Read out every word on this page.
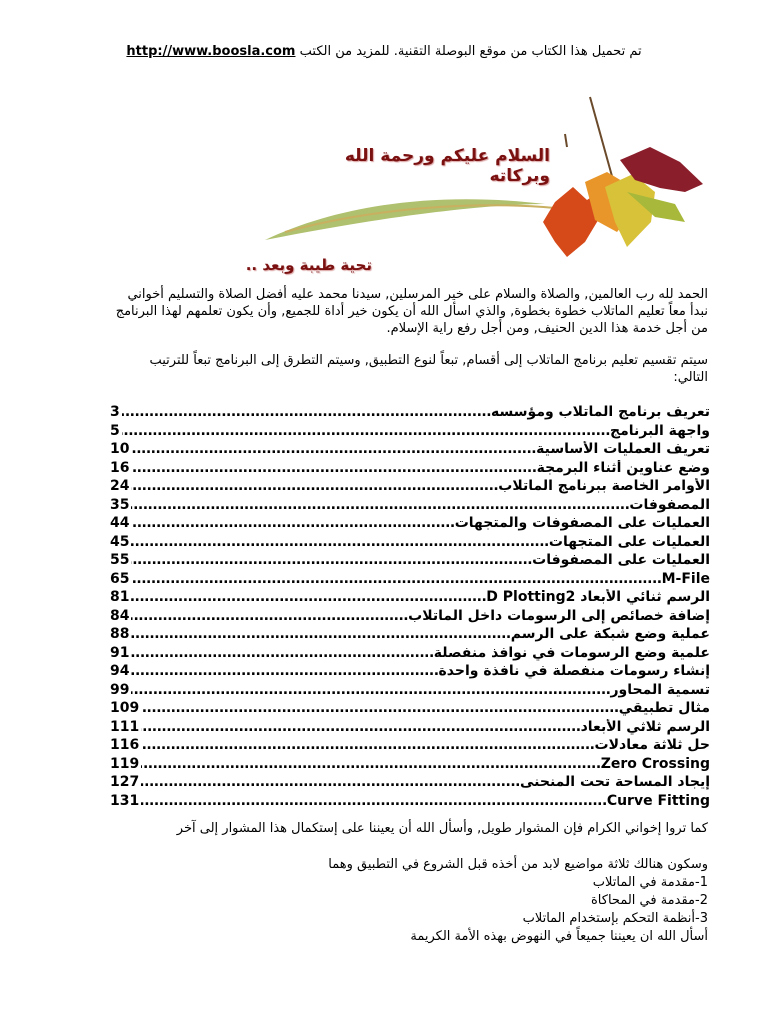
تم تحميل هذا الكتاب من موقع البوصلة التقنية. للمزيد من الكتب http://www.boosla.com
السلام عليكم ورحمة الله وبركاته
تحية طيبة وبعد ..
الحمد لله رب العالمين, والصلاة والسلام على خير المرسلين, سيدنا محمد عليه أفضل الصلاة والتسليم أخواني نبدأ معاً تعليم الماتلاب خطوة بخطوة, والذي اسأل الله أن يكون خير أداة للجميع, وأن يكون تعلمهم لهذا البرنامج من أجل خدمة هذا الدين الحنيف, ومن أجل رفع راية الإسلام.
سيتم تقسيم تعليم برنامج الماتلاب إلى أقسام, تبعاً لنوع التطبيق, وسيتم التطرق إلى البرنامج تبعاً للترتيب التالي:
تعريف برنامج الماتلاب ومؤسسه
.....
3
واجهة البرنامج
.....
5
تعريف العمليات الأساسية
.....
10
وضع عناوين أثناء البرمجة
.....
16
الأوامر الخاصة ببرنامج الماتلاب
.....
24
المصفوفات
.....
35
العمليات على المصفوفات والمتجهات
.....
44
العمليات على المتجهات
.....
45
العمليات على المصفوفات
.....
55
M-File
.....
65
الرسم ثنائي الأبعاد D Plotting2
.....
81
إضافة خصائص إلى الرسومات داخل الماتلاب
.....
84
عملية وضع شبكة على الرسم
.....
88
علمية وضع الرسومات في نوافذ منفصلة
.....
91
إنشاء رسومات منفصلة في نافذة واحدة
.....
94
تسمية المحاور
.....
99
مثال تطبيقي
.....
109
الرسم ثلاثي الأبعاد
.....
111
حل ثلاثة معادلات
.....
116
Zero Crossing
.....
119
إيجاد المساحة تحت المنحنى
.....
127
Curve Fitting
.....
131
كما تروا إخواني الكرام فإن المشوار طويل, وأسأل الله أن يعيننا على إستكمال هذا المشوار إلى آخر
وسكون هنالك ثلاثة مواضيع لابد من أخذه قبل الشروع في التطبيق وهما
1-مقدمة في الماتلاب
2-مقدمة في المحاكاة
3-أنظمة التحكم بإستخدام الماتلاب
أسأل الله ان يعيننا جميعاً في النهوض بهذه الأمة الكريمة
